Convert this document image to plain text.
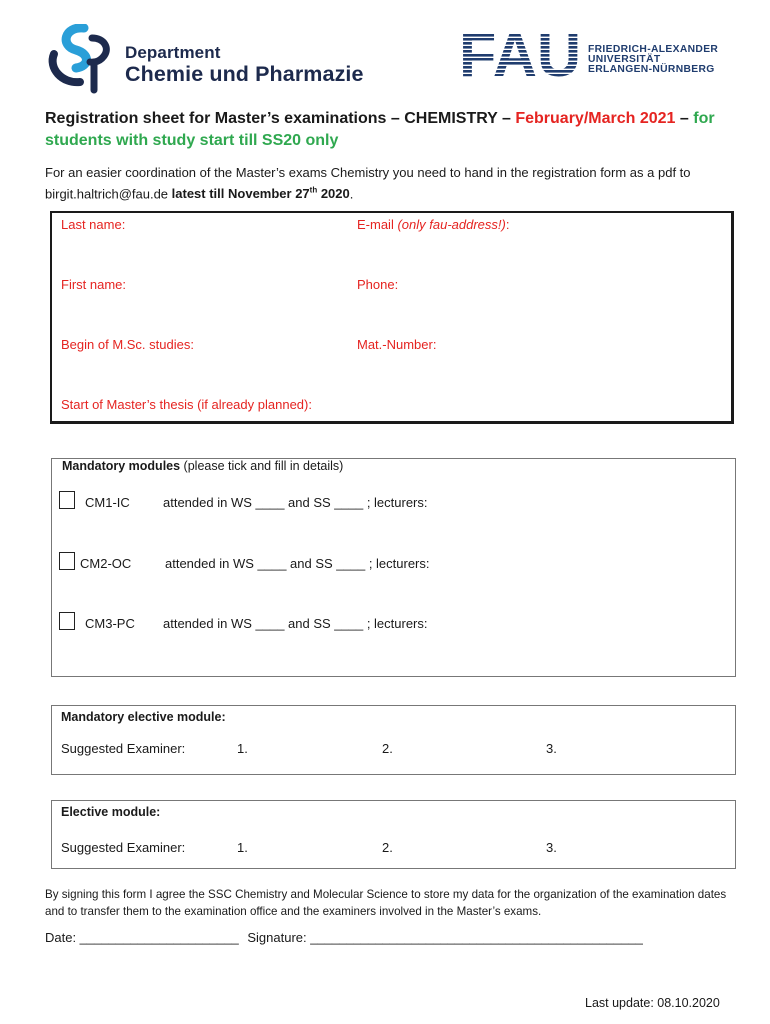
Department
Chemie und Pharmazie FAU FRIEDRICH-ALEXANDER
UNIVERSITÄT
ERLANGEN-NÜRNBERG
Registration sheet for Master’s examinations – CHEMISTRY – February/March 2021 – for students with study start till SS20 only
For an easier coordination of the Master’s exams Chemistry you need to hand in the registration form as a pdf to birgit.haltrich@fau.de latest till November 27th 2020.
Last name:	E-mail (only fau-address!):
First name:	Phone:
Begin of M.Sc. studies:	Mat.-Number:
Start of Master’s thesis (if already planned):
Mandatory modules (please tick and fill in details)
CM1-IC	attended in WS ____ and SS ____ ; lecturers:
CM2-OC	attended in WS ____ and SS ____ ; lecturers:
CM3-PC attended in WS ____ and SS ____ ; lecturers:
Mandatory elective module:
Suggested Examiner:	1.	2.	3.
Elective module:
Suggested Examiner:	1.	2.	3.
By signing this form I agree the SSC Chemistry and Molecular Science to store my data for the organization of the examination dates and to transfer them to the examination office and the examiners involved in the Master’s exams.
Date: ______________________ Signature: ______________________________________________
Last update: 08.10.2020
